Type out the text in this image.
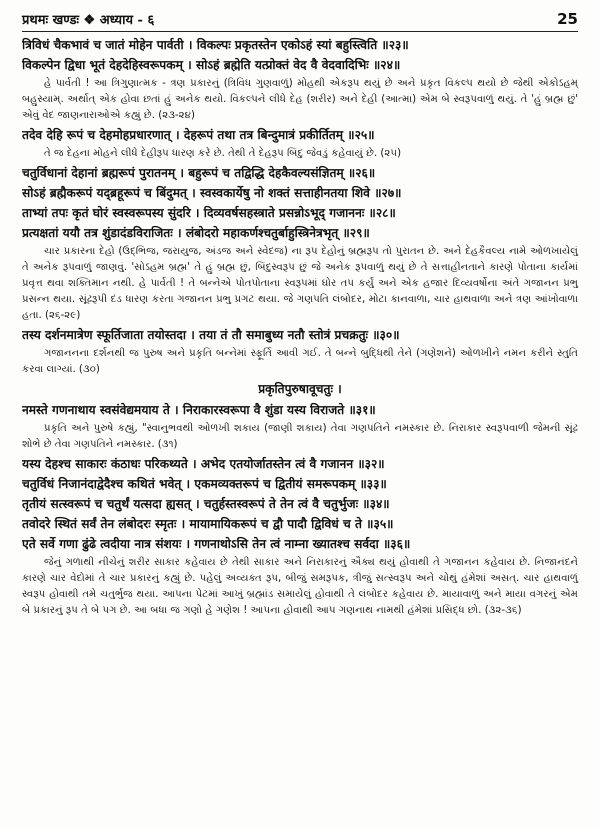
प्रथमः खण्डः ❖ अध्याय - ६	25
त्रिविधं चैकभावं च जातं मोहेन पार्वती । विकल्पः प्रकृतस्तेन एकोऽहं स्यां बहुस्त्विति ॥२३॥
विकल्पेन द्विधा भूतं देहदेहिस्वरूपकम् । सोऽहं ब्रह्मेति यत्प्रोक्तं वेद वै वेदवादिभिः ॥२४॥
હે પાર્વતી ! આ ત્રિગુણાત્મક - ત્રણ પ્રકારનું (ત્રિવિધ ગુણવાળું) મોહથી એકરૂપ થયું છે અને પ્રકૃત વિકલ્પ થયો છે જેથી એકોઽહમ્ બહુસ્યામ્. અર્થાત્ એક હોવા છતાં હું અનેક થયો. વિકલ્પને લીધે દેહ (શરીર) અને દેહી (આત્મા) એમ બે સ્વરૂપવાળું થયું. તે 'હું બ્રહ્મ છું' એવું વેદ જાણનારાઓએ કહ્યું છે. (૨૩-૨૪)
तदेव देहि रूपं च देहमोहप्रधारणात् । देहरूपं तथा तत्र बिन्दुमात्रं प्रकीर्तितम् ॥२५॥
તે જ દેહના મોહને લીધે દેહીરૂપ ધારણ કરે છે. તેથી તે દેહરૂપ બિંદુ જેવડું કહેવાયું છે. (૨૫)
चतुर्विधानां देहानां ब्रह्मरूपं पुरातनम् । बहुरूपं च तद्विद्धि देहकैवल्यसंज्ञितम् ॥२६॥
सोऽहं ब्रह्मैकरूपं यद्ब्रहूरूपं च बिंदुमत् । स्वस्वकार्येषु नो शक्तं सत्ताहीनतया शिवे ॥२७॥
ताभ्यां तपः कृतं घोरं स्वस्वरूपस्य सुंदरि । दिव्यवर्षसहस्त्राते प्रसन्नोऽभूद् गजाननः ॥२८॥
प्रत्यक्षतां ययौ तत्र शुंडादंडविराजितः । लंबोदरो महाकर्णश्चतुर्बाहुस्त्रिनेत्रभृत् ॥२९॥
ચાર પ્રકારના દેહો (ઉદ્‌ભિજ, જરાયુજ, અંડજ અને સ્વેદજ) ના રૂપ દેહોનું બ્રહ્મરૂપ તો પુરાતન છે. અને દેહકૈવલ્ય નામે ઓળખાયેલું તે અનેક રૂપવાળું જાણવું. 'સોઽહમ બ્રહ્મ' તે હું બ્રહ્મ છું, બિંદુસ્વરૂપ છું જે અનેક રૂપવાળું થયું છે તે સત્તાહીનતાને કારણે પોતાના કાર્યમાં પ્રવૃત્ત થવા શક્તિમાન નથી. હે પાર્વતી ! તે બન્નેએ પોતપોતાના સ્વરૂપમાં ઘોર તપ કર્યું અને એક હજાર દિવ્યવર્ષોના અંતે ગજાનન પ્રભુ પ્રસન્ન થયા. સૂંઢરૂપી દંડ ધારણ કરતા ગજાનન પ્રભુ પ્રગટ થયા. જે ગણપતિ લંબોદર, મોટા કાનવાળા, ચાર હાથવાળા અને ત્રણ આંખોવાળા હતા. (૨૬-૨૯)
तस्य दर्शनमात्रेण स्फूर्तिजाता तयोस्तदा । तया तं तौ समाबुध्य नतौ स्तोत्रं प्रचक्रतुः ॥३०॥
ગજાનનના દર્શનથી જ પુરુષ અને પ્રકૃતિ બન્નેમાં સ્ફૂર્તિ આવી ગઈ. તે બન્ને બુદ્ધિથી તેને (ગણેશને) ઓળખીને નમન કરીને સ્તુતિ કરવા લાગ્યાં. (૩૦)
प्रकृतिपुरुषावूचतुः ।
नमस्ते गणनाथाय स्वसंवेद्यमयाय ते । निराकारस्वरूपा वै शुंडा यस्य विराजते ॥३१॥
પ્રકૃતિ અને પુરુષે કહ્યું, "સ્વાનુભવથી ઓળખી શકાય (જાણી શકાય) તેવા ગણપતિને નમસ્કાર છે. નિરાકાર સ્વરૂપવાળી જેમની સૂંઢ શોભે છે તેવા ગણપતિને નમસ્કાર. (૩૧)
यस्य देहश्च साकारः कंठाधः परिकथ्यते । अभेद एतयोर्जातस्तेन त्वं वै गजानन ॥३२॥
चतुर्विधं निजानंदाद्वेदैश्च कथितं भवेत् । एकमव्यक्तरूपं च द्वितीयं समरूपकम् ॥३३॥
तृतीयं सत्स्वरूपं च चतुर्थं यत्सदा ह्यसत् । चतुर्हस्तस्वरूपं ते तेन त्वं वै चतुर्भुजः ॥३४॥
तवोदरे स्थितं सर्वं तेन लंबोदरः स्मृतः । मायामायिकरूपं च द्वौ पादौ द्विविधं च ते ॥३५॥
एते सर्वे गणा ढुंढे त्वदीया नात्र संशयः । गणनाथोऽसि तेन त्वं नाम्ना ख्यातश्च सर्वदा ॥३६॥
જેનું ગળાથી નીચેનું શરીર સાકાર કહેવાય છે તેથી સાકાર અને નિરાકારનું ઐક્ય થયું હોવાથી તે ગજાનન કહેવાય છે. નિજાનંદને કારણે ચાર વેદોમાં તે ચાર પ્રકારનું કહ્યું છે. પહેલું અવ્યક્ત રૂપ, બીજું સમરૂપક, ત્રીજું સત્સ્વરૂપ અને ચોથું હંમેશાં અસત્. ચાર હાથવાળું સ્વરૂપ હોવાથી તમે ચતુર્ભુજ થયા. આપના પેટમાં આખું બ્રહ્માંડ સમાયેલું હોવાથી તે લંબોદર કહેવાય છે. માયાવાળું અને માયા વગરનું એમ બે પ્રકારનું રૂપ તે બે પગ છે. આ બધા જ ગણો હે ગણેશ ! આપના હોવાથી આપ ગણનાથ નામથી હંમેશાં પ્રસિદ્ધ છો. (૩૨-૩૬)
